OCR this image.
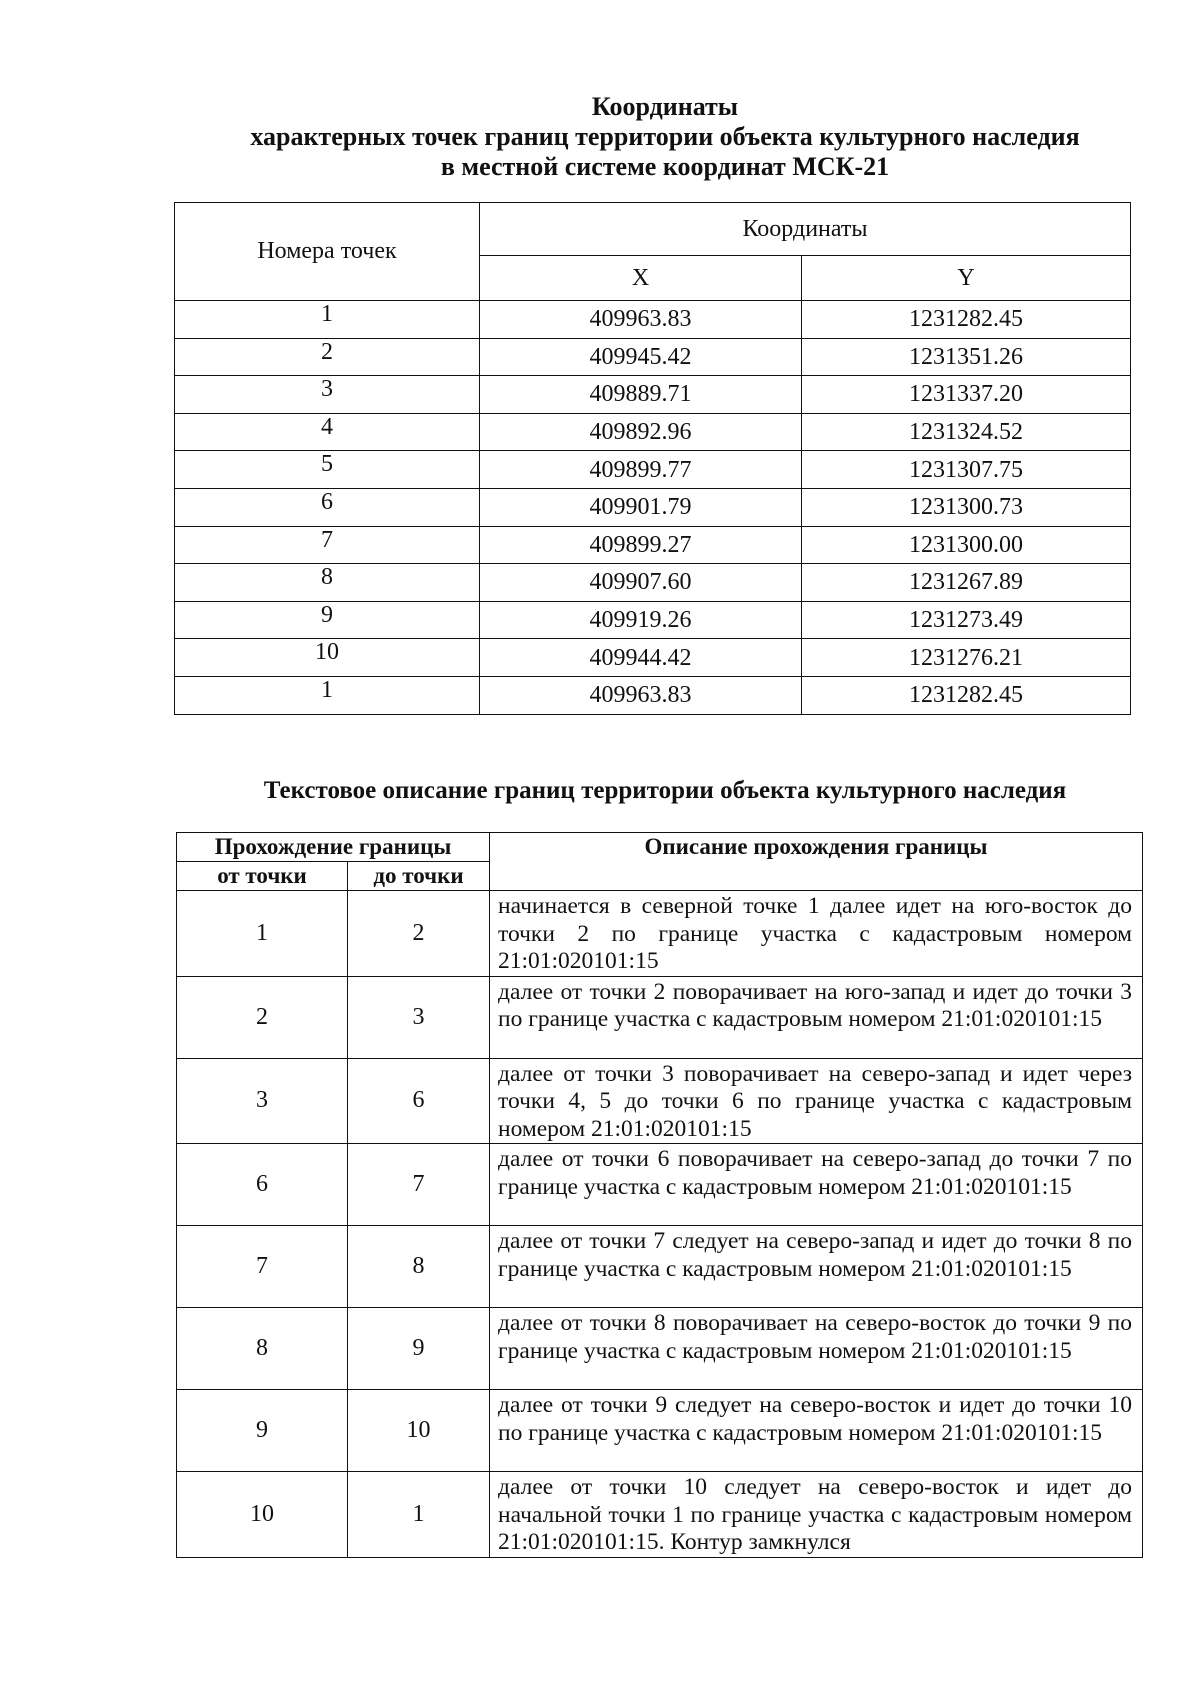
Координаты
характерных точек границ территории объекта культурного наследия
в местной системе координат МСК-21
Номера точек	Координаты	
	X	Y
1	409963.83	1231282.45
2	409945.42	1231351.26
3	409889.71	1231337.20
4	409892.96	1231324.52
5	409899.77	1231307.75
6	409901.79	1231300.73
7	409899.27	1231300.00
8	409907.60	1231267.89
9	409919.26	1231273.49
10	409944.42	1231276.21
1	409963.83	1231282.45
Текстовое описание границ территории объекта культурного наследия
Прохождение границы		Описание прохождения границы
от точки	до точки	
1	2	начинается в северной точке 1 далее идет на юго-восток до точки 2 по границе участка с кадастровым номером 21:01:020101:15
2	3	далее от точки 2 поворачивает на юго-запад и идет до точки 3 по границе участка с кадастровым номером 21:01:020101:15
3	6	далее от точки 3 поворачивает на северо-запад и идет через точки 4, 5 до точки 6 по границе участка с кадастровым номером 21:01:020101:15
6	7	далее от точки 6 поворачивает на северо-запад до точки 7 по границе участка с кадастровым номером 21:01:020101:15
7	8	далее от точки 7 следует на северо-запад и идет до точки 8 по границе участка с кадастровым номером 21:01:020101:15
8	9	далее от точки 8 поворачивает на северо-восток до точки 9 по границе участка с кадастровым номером 21:01:020101:15
9	10	далее от точки 9 следует на северо-восток и идет до точки 10 по границе участка с кадастровым номером 21:01:020101:15
10	1	далее от точки 10 следует на северо-восток и идет до начальной точки 1 по границе участка с кадастровым номером 21:01:020101:15. Контур замкнулся
